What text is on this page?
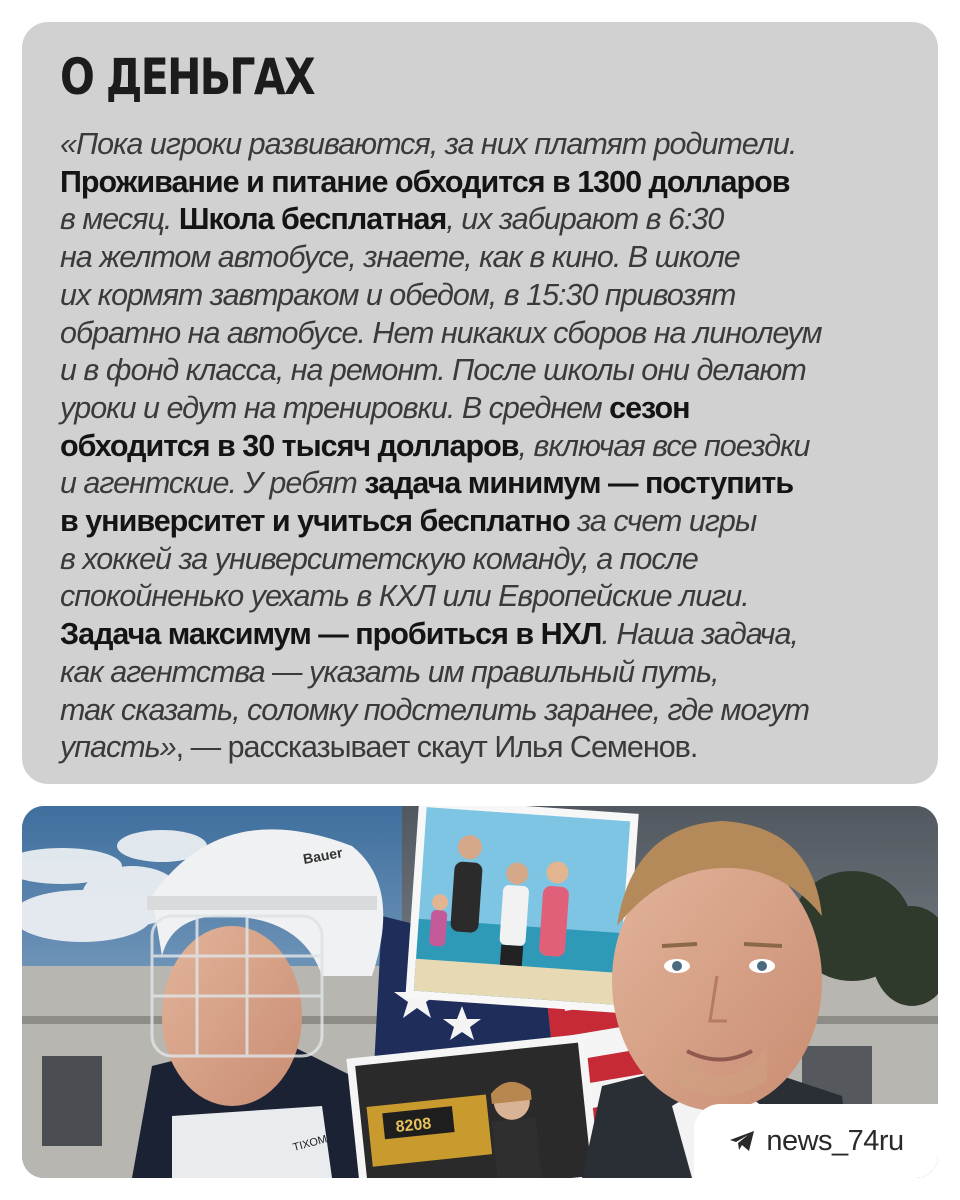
О ДЕНЬГАХ

«Пока игроки развиваются, за них платят родители.
Проживание и питание обходится в 1300 долларов
в месяц. Школа бесплатная, их забирают в 6:30
на желтом автобусе, знаете, как в кино. В школе
их кормят завтраком и обедом, в 15:30 привозят
обратно на автобусе. Нет никаких сборов на линолеум
и в фонд класса, на ремонт. После школы они делают
уроки и едут на тренировки. В среднем сезон
обходится в 30 тысяч долларов, включая все поездки
и агентские. У ребят задача минимум — поступить
в университет и учиться бесплатно за счет игры
в хоккей за университетскую команду, а после
спокойненько уехать в КХЛ или Европейские лиги.
Задача максимум — пробиться в НХЛ. Наша задача,
как агентства — указать им правильный путь,
так сказать, соломку подстелить заранее, где могут
упасть», — рассказывает скаут Илья Семенов.

Bauer
TIXOM
8208	news_74ru
